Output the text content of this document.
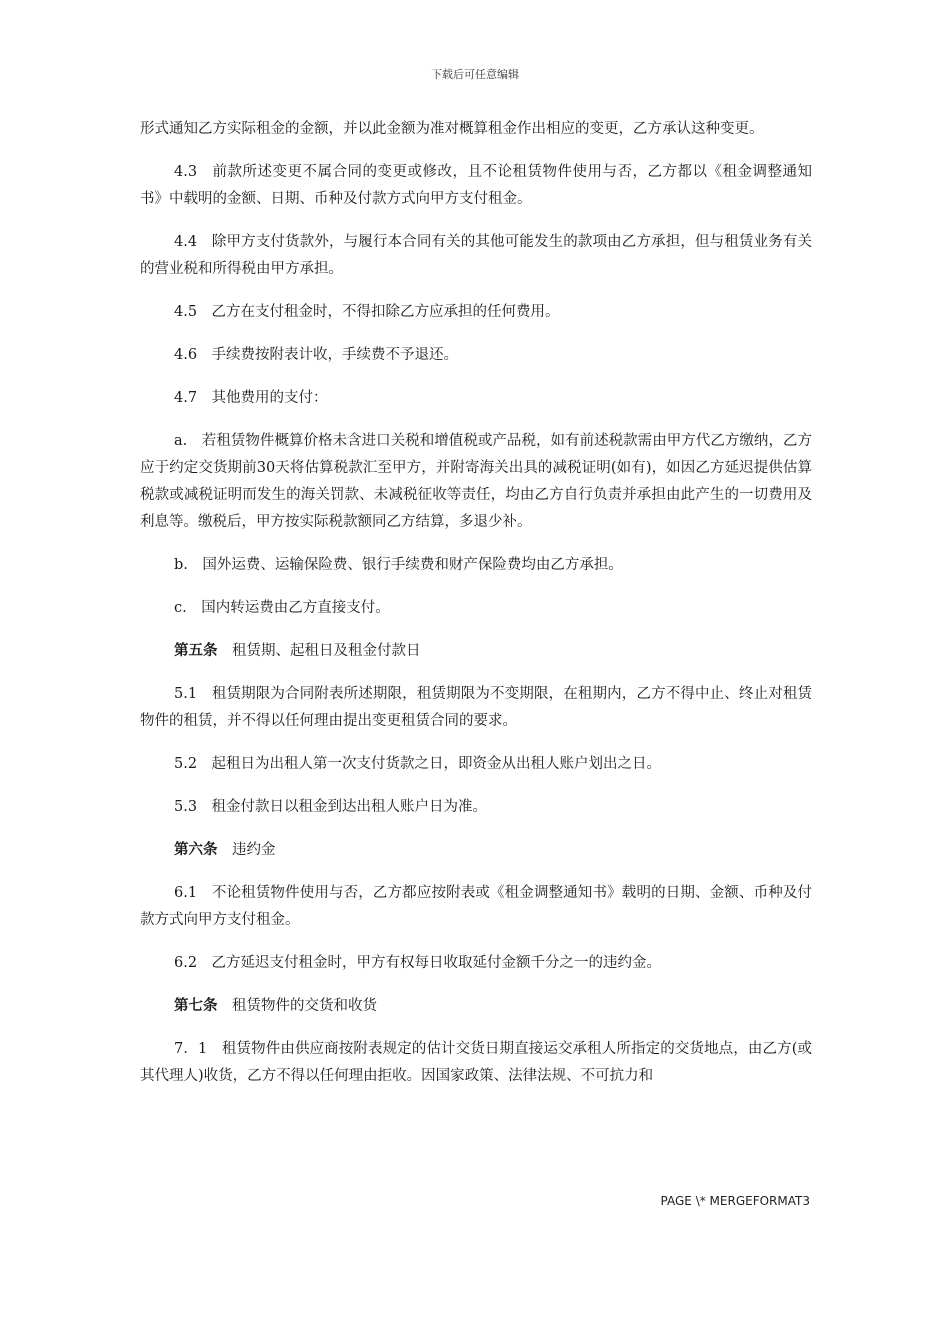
下载后可任意编辑

形式通知乙方实际租金的金额，并以此金额为准对概算租金作出相应的变更，乙方承认这种变更。

4.3　前款所述变更不属合同的变更或修改，且不论租赁物件使用与否，乙方都以《租金调整通知书》中载明的金额、日期、币种及付款方式向甲方支付租金。

4.4　除甲方支付货款外，与履行本合同有关的其他可能发生的款项由乙方承担，但与租赁业务有关的营业税和所得税由甲方承担。

4.5　乙方在支付租金时，不得扣除乙方应承担的任何费用。

4.6　手续费按附表计收，手续费不予退还。

4.7　其他费用的支付：

a.　若租赁物件概算价格未含进口关税和增值税或产品税，如有前述税款需由甲方代乙方缴纳，乙方应于约定交货期前30天将估算税款汇至甲方，并附寄海关出具的减税证明(如有)，如因乙方延迟提供估算税款或减税证明而发生的海关罚款、未减税征收等责任，均由乙方自行负责并承担由此产生的一切费用及利息等。缴税后，甲方按实际税款额同乙方结算，多退少补。

b.　国外运费、运输保险费、银行手续费和财产保险费均由乙方承担。

c.　国内转运费由乙方直接支付。

第五条　租赁期、起租日及租金付款日

5.1　租赁期限为合同附表所述期限，租赁期限为不变期限，在租期内，乙方不得中止、终止对租赁物件的租赁，并不得以任何理由提出变更租赁合同的要求。

5.2　起租日为出租人第一次支付货款之日，即资金从出租人账户划出之日。

5.3　租金付款日以租金到达出租人账户日为准。

第六条　违约金

6.1　不论租赁物件使用与否，乙方都应按附表或《租金调整通知书》载明的日期、金额、币种及付款方式向甲方支付租金。

6.2　乙方延迟支付租金时，甲方有权每日收取延付金额千分之一的违约金。

第七条　租赁物件的交货和收货

7．1　租赁物件由供应商按附表规定的估计交货日期直接运交承租人所指定的交货地点，由乙方(或其代理人)收货，乙方不得以任何理由拒收。因国家政策、法律法规、不可抗力和

PAGE \* MERGEFORMAT3
